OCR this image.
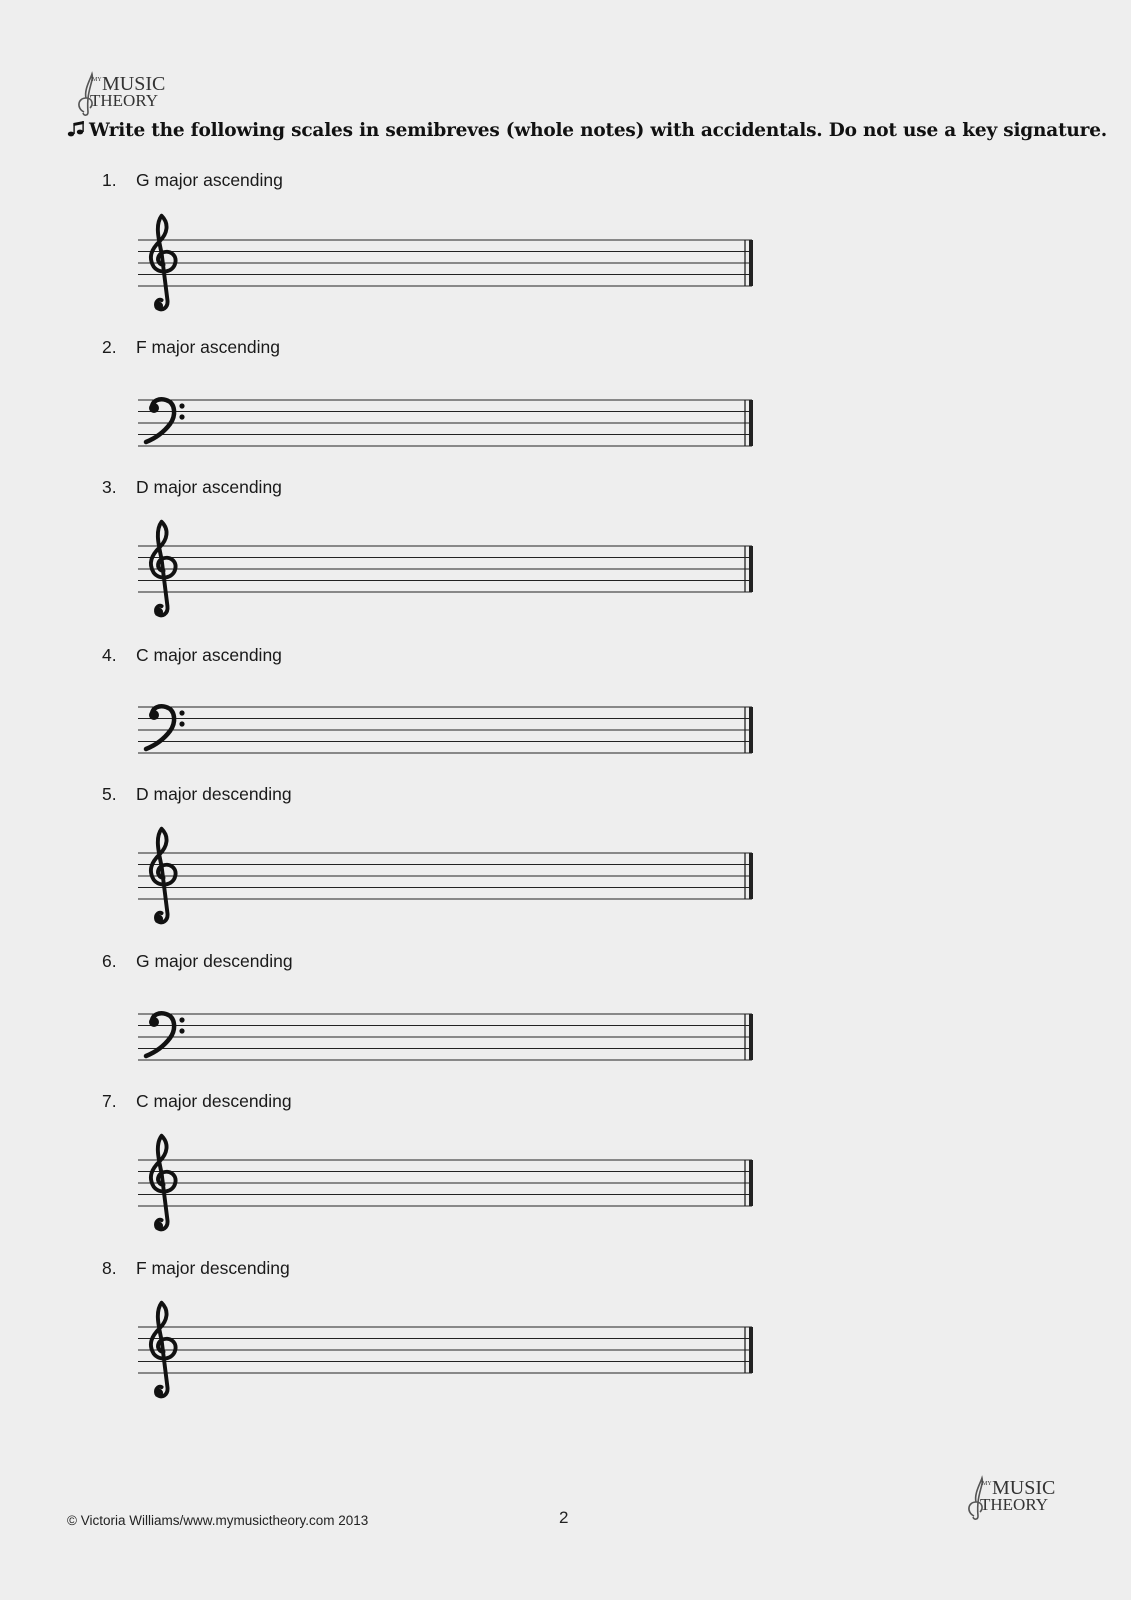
MY MUSIC
THEORY
Write the following scales in semibreves (whole notes) with accidentals. Do not use a key signature.
1. G major ascending
2. F major ascending
3. D major ascending
4. C major ascending
5. D major descending
6. G major descending
7. C major descending
8. F major descending
© Victoria Williams/www.mymusictheory.com 2013	2
MY MUSIC
THEORY
